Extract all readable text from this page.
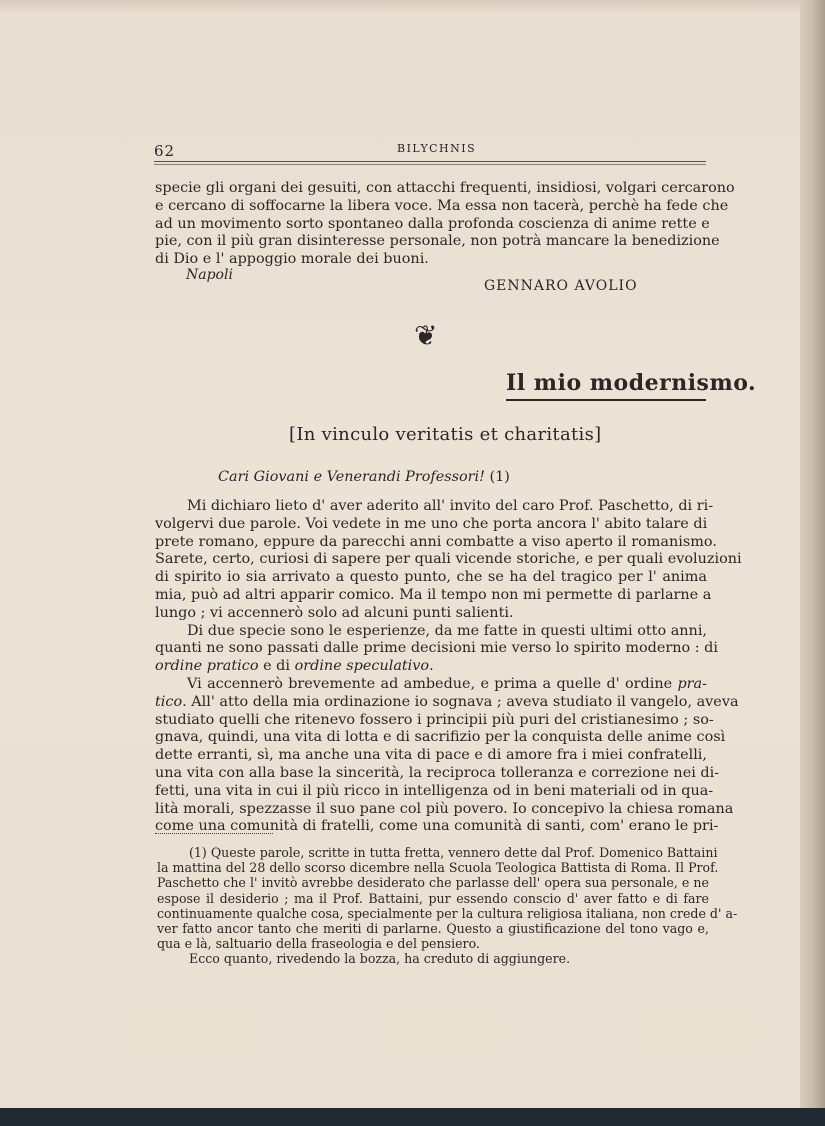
62	BILYCHNIS
specie gli organi dei gesuiti, con attacchi frequenti, insidiosi, volgari cercarono
e cercano di soffocarne la libera voce. Ma essa non tacerà, perchè ha fede che
ad un movimento sorto spontaneo dalla profonda coscienza di anime rette e
pie, con il più gran disinteresse personale, non potrà mancare la benedizione
di Dio e l' appoggio morale dei buoni.
Napoli
GENNARO AVOLIO
❦
Il mio modernismo.
[In vinculo veritatis et charitatis]
Cari Giovani e Venerandi Professori! (1)
Mi dichiaro lieto d' aver aderito all' invito del caro Prof. Paschetto, di ri-
volgervi due parole. Voi vedete in me uno che porta ancora l' abito talare di
prete romano, eppure da parecchi anni combatte a viso aperto il romanismo.
Sarete, certo, curiosi di sapere per quali vicende storiche, e per quali evoluzioni
di spirito io sia arrivato a questo punto, che se ha del tragico per l' anima
mia, può ad altri apparir comico. Ma il tempo non mi permette di parlarne a
lungo ; vi accennerò solo ad alcuni punti salienti.
Di due specie sono le esperienze, da me fatte in questi ultimi otto anni,
quanti ne sono passati dalle prime decisioni mie verso lo spirito moderno : di
ordine pratico e di ordine speculativo.
Vi accennerò brevemente ad ambedue, e prima a quelle d' ordine pra-
tico. All' atto della mia ordinazione io sognava ; aveva studiato il vangelo, aveva
studiato quelli che ritenevo fossero i principii più puri del cristianesimo ; so-
gnava, quindi, una vita di lotta e di sacrifizio per la conquista delle anime così
dette erranti, sì, ma anche una vita di pace e di amore fra i miei confratelli,
una vita con alla base la sincerità, la reciproca tolleranza e correzione nei di-
fetti, una vita in cui il più ricco in intelligenza od in beni materiali od in qua-
lità morali, spezzasse il suo pane col più povero. Io concepivo la chiesa romana
come una comunità di fratelli, come una comunità di santi, com' erano le pri-
(1) Queste parole, scritte in tutta fretta, vennero dette dal Prof. Domenico Battaini
la mattina del 28 dello scorso dicembre nella Scuola Teologica Battista di Roma. Il Prof.
Paschetto che l' invitò avrebbe desiderato che parlasse dell' opera sua personale, e ne
espose il desiderio ; ma il Prof. Battaini, pur essendo conscio d' aver fatto e di fare
continuamente qualche cosa, specialmente per la cultura religiosa italiana, non crede d' a-
ver fatto ancor tanto che meriti di parlarne. Questo a giustificazione del tono vago e,
qua e là, saltuario della fraseologia e del pensiero.
Ecco quanto, rivedendo la bozza, ha creduto di aggiungere.
